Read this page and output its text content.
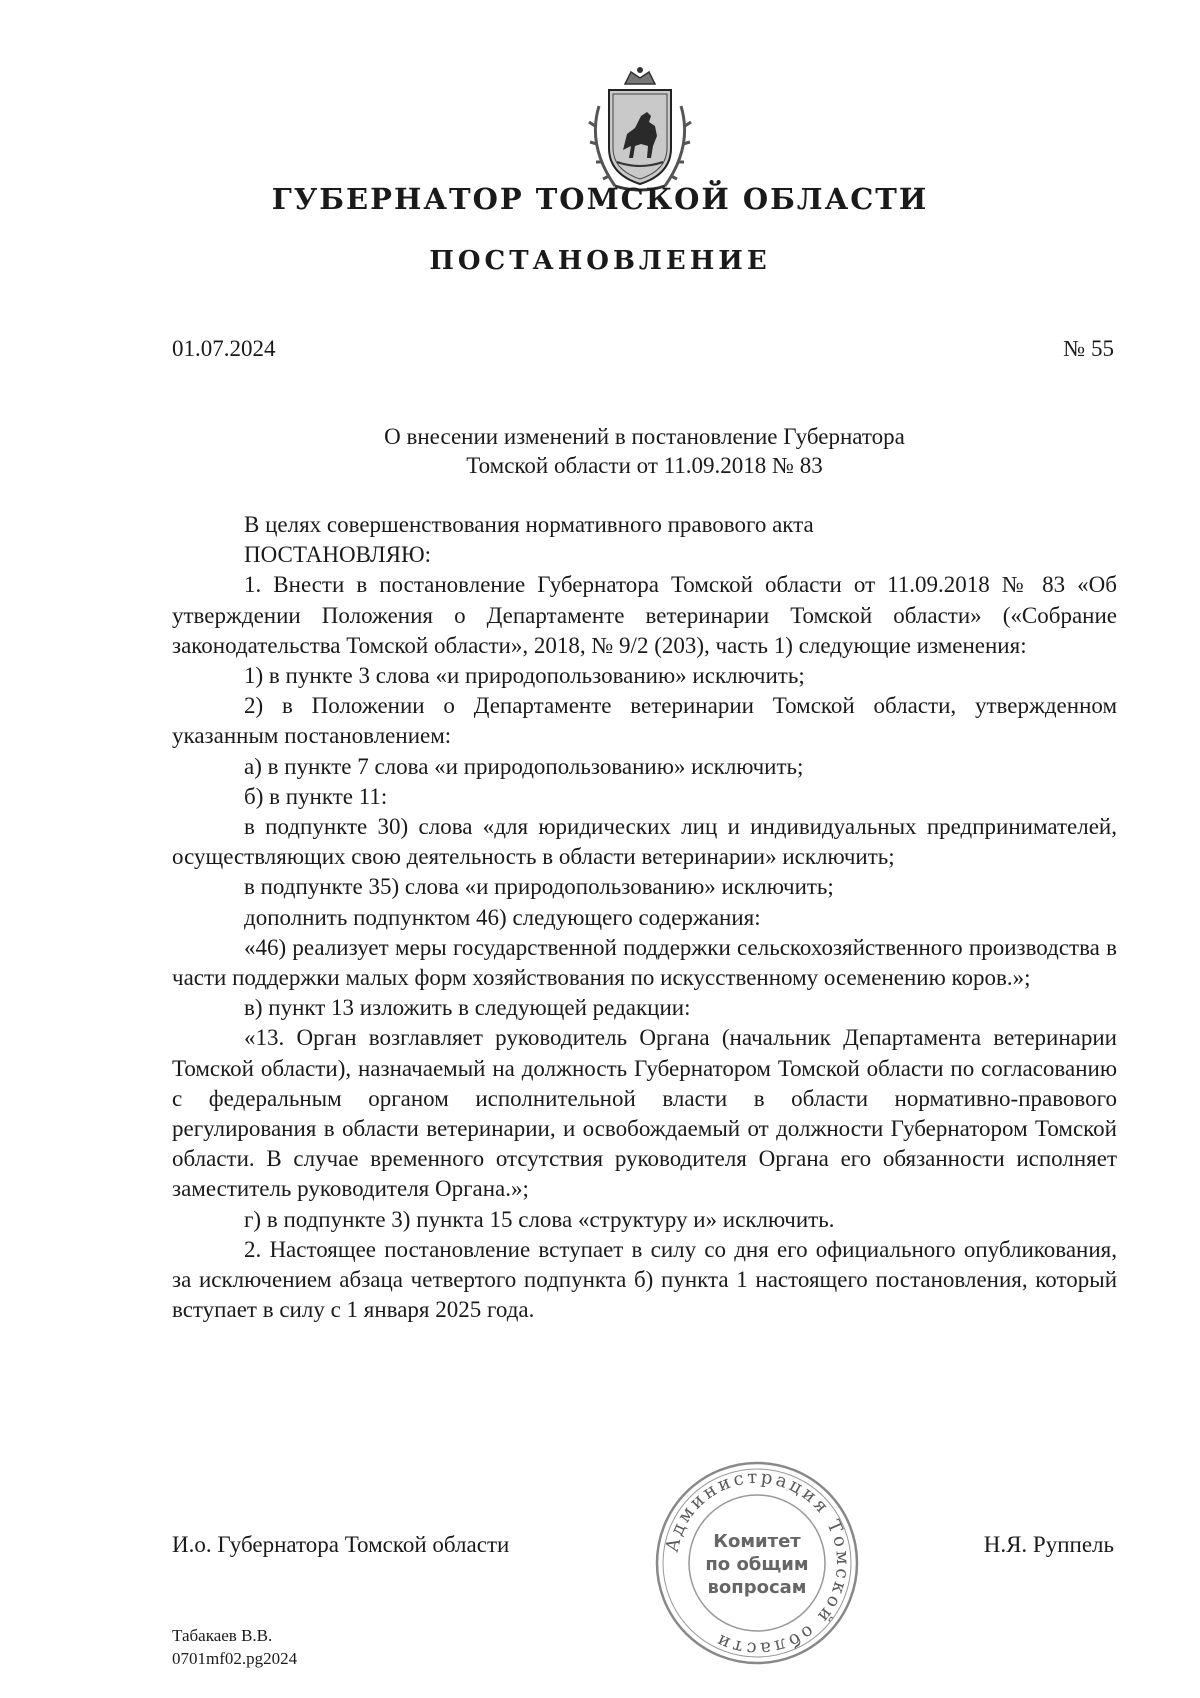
ГУБЕРНАТОР ТОМСКОЙ ОБЛАСТИ
ПОСТАНОВЛЕНИЕ
01.07.2024	№ 55
О внесении изменений в постановление Губернатора
Томской области от 11.09.2018 № 83

В целях совершенствования нормативного правового акта

ПОСТАНОВЛЯЮ:

1. Внести в постановление Губернатора Томской области от 11.09.2018 № 83 «Об утверждении Положения о Департаменте ветеринарии Томской области» («Собрание законодательства Томской области», 2018, № 9/2 (203), часть 1) следующие изменения:

1) в пункте 3 слова «и природопользованию» исключить;

2) в Положении о Департаменте ветеринарии Томской области, утвержденном указанным постановлением:

а) в пункте 7 слова «и природопользованию» исключить;

б) в пункте 11:

в подпункте 30) слова «для юридических лиц и индивидуальных предпринимателей, осуществляющих свою деятельность в области ветеринарии» исключить;

в подпункте 35) слова «и природопользованию» исключить;

дополнить подпунктом 46) следующего содержания:

«46) реализует меры государственной поддержки сельскохозяйственного производства в части поддержки малых форм хозяйствования по искусственному осеменению коров.»;

в) пункт 13 изложить в следующей редакции:

«13. Орган возглавляет руководитель Органа (начальник Департамента ветеринарии Томской области), назначаемый на должность Губернатором Томской области по согласованию с федеральным органом исполнительной власти в области нормативно-правового регулирования в области ветеринарии, и освобождаемый от должности Губернатором Томской области. В случае временного отсутствия руководителя Органа его обязанности исполняет заместитель руководителя Органа.»;

г) в подпункте 3) пункта 15 слова «структуру и» исключить.

2. Настоящее постановление вступает в силу со дня его официального опубликования, за исключением абзаца четвертого подпункта б) пункта 1 настоящего постановления, который вступает в силу с 1 января 2025 года.

И.о. Губернатора Томской области	Н.Я. Руппель
Администрация Томской области
Комитет
по общим
вопросам
Табакаев В.В.
0701mf02.pg2024
